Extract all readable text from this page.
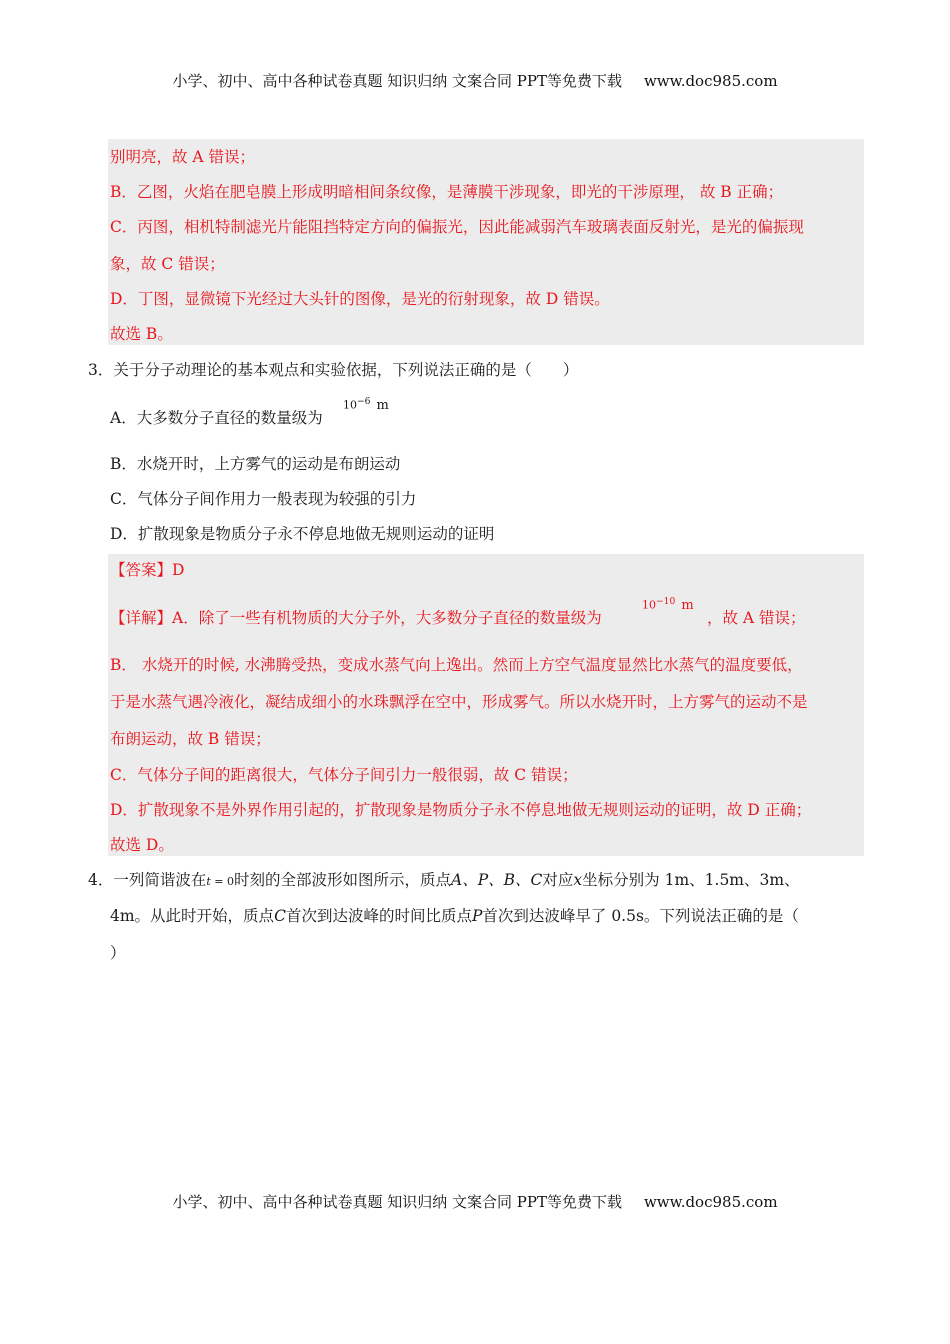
小学、初中、高中各种试卷真题 知识归纳 文案合同 PPT等免费下载 www.doc985.com
别明亮，故 A 错误；
B．乙图，火焰在肥皂膜上形成明暗相间条纹像，是薄膜干涉现象，即光的干涉原理， 故 B 正确；
C．丙图，相机特制滤光片能阻挡特定方向的偏振光，因此能减弱汽车玻璃表面反射光，是光的偏振现
象，故 C 错误；
D．丁图，显微镜下光经过大头针的图像，是光的衍射现象，故 D 错误。
故选 B。
3．关于分子动理论的基本观点和实验依据，下列说法正确的是（　　）
$10^{-6}$ m
A．大多数分子直径的数量级为
B．水烧开时，上方雾气的运动是布朗运动
C．气体分子间作用力一般表现为较强的引力
D．扩散现象是物质分子永不停息地做无规则运动的证明
【答案】D
$10^{-10}$ m
【详解】A．除了一些有机物质的大分子外，大多数分子直径的数量级为	，故 A 错误；
B． 水烧开的时候, 水沸腾受热，变成水蒸气向上逸出。然而上方空气温度显然比水蒸气的温度要低，
于是水蒸气遇冷液化，凝结成细小的水珠飘浮在空中，形成雾气。所以水烧开时，上方雾气的运动不是
布朗运动，故 B 错误；
C．气体分子间的距离很大，气体分子间引力一般很弱，故 C 错误；
D．扩散现象不是外界作用引起的，扩散现象是物质分子永不停息地做无规则运动的证明，故 D 正确；
故选 D。
4．一列简谐波在t = 0时刻的全部波形如图所示，质点A、P、B、C对应x坐标分别为 1m、1.5m、3m、
4m。从此时开始，质点C首次到达波峰的时间比质点P首次到达波峰早了 0.5s。下列说法正确的是（
）
小学、初中、高中各种试卷真题 知识归纳 文案合同 PPT等免费下载 www.doc985.com
